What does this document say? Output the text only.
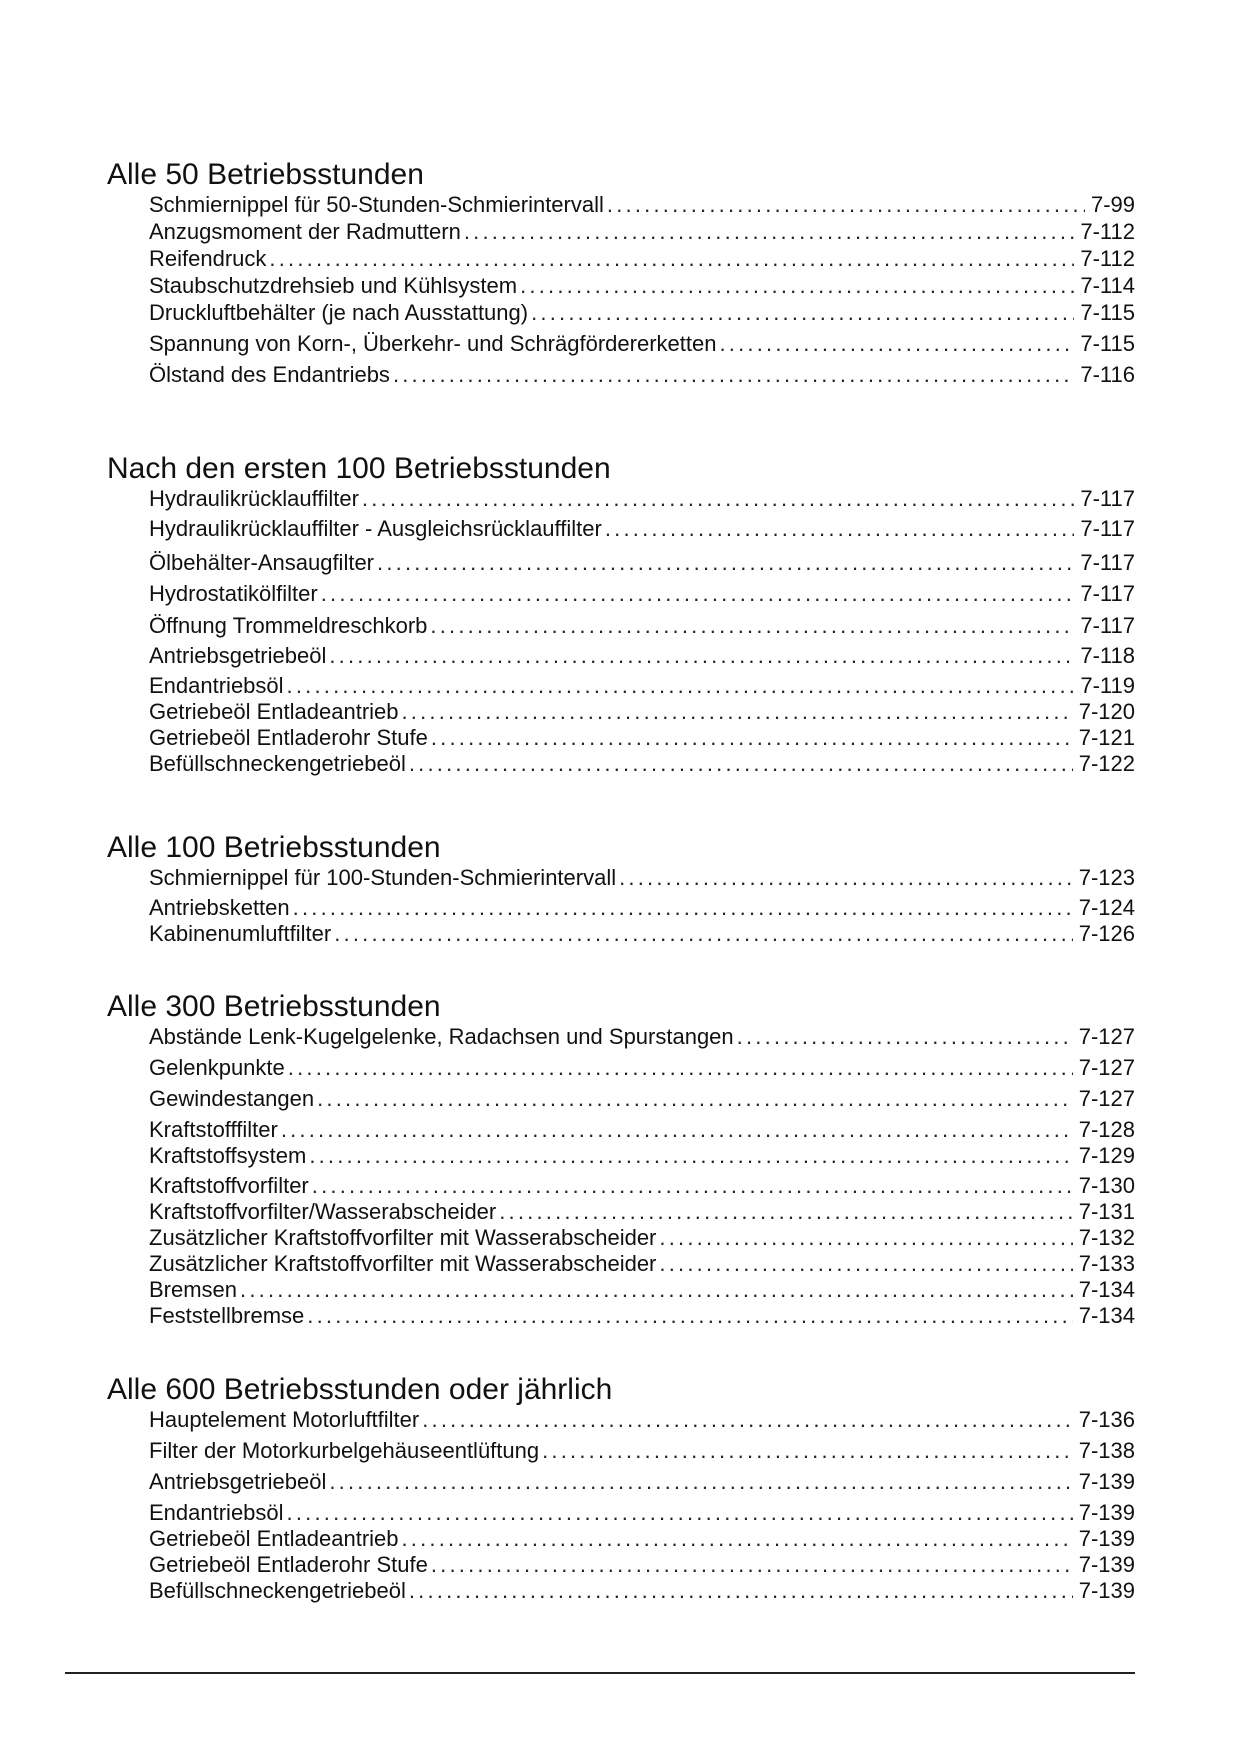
Alle 50 Betriebsstunden
Schmiernippel für 50-Stunden-Schmierintervall .....	7-99
Anzugsmoment der Radmuttern .....	7-112
Reifendruck .....	7-112
Staubschutzdrehsieb und Kühlsystem .....	7-114
Druckluftbehälter (je nach Ausstattung) .....	7-115
Spannung von Korn-, Überkehr- und Schrägfördererketten .....	7-115
Ölstand des Endantriebs .....	7-116
Nach den ersten 100 Betriebsstunden
Hydraulikrücklauffilter .....	7-117
Hydraulikrücklauffilter - Ausgleichsrücklauffilter .....	7-117
Ölbehälter-Ansaugfilter .....	7-117
Hydrostatikölfilter .....	7-117
Öffnung Trommeldreschkorb .....	7-117
Antriebsgetriebeöl .....	7-118
Endantriebsöl .....	7-119
Getriebeöl Entladeantrieb .....	7-120
Getriebeöl Entladerohr Stufe .....	7-121
Befüllschneckengetriebeöl .....	7-122
Alle 100 Betriebsstunden
Schmiernippel für 100-Stunden-Schmierintervall .....	7-123
Antriebsketten .....	7-124
Kabinenumluftfilter .....	7-126
Alle 300 Betriebsstunden
Abstände Lenk-Kugelgelenke, Radachsen und Spurstangen .....	7-127
Gelenkpunkte .....	7-127
Gewindestangen .....	7-127
Kraftstofffilter .....	7-128
Kraftstoffsystem .....	7-129
Kraftstoffvorfilter .....	7-130
Kraftstoffvorfilter/Wasserabscheider .....	7-131
Zusätzlicher Kraftstoffvorfilter mit Wasserabscheider .....	7-132
Zusätzlicher Kraftstoffvorfilter mit Wasserabscheider .....	7-133
Bremsen .....	7-134
Feststellbremse .....	7-134
Alle 600 Betriebsstunden oder jährlich
Hauptelement Motorluftfilter .....	7-136
Filter der Motorkurbelgehäuseentlüftung .....	7-138
Antriebsgetriebeöl .....	7-139
Endantriebsöl .....	7-139
Getriebeöl Entladeantrieb .....	7-139
Getriebeöl Entladerohr Stufe .....	7-139
Befüllschneckengetriebeöl .....	7-139
